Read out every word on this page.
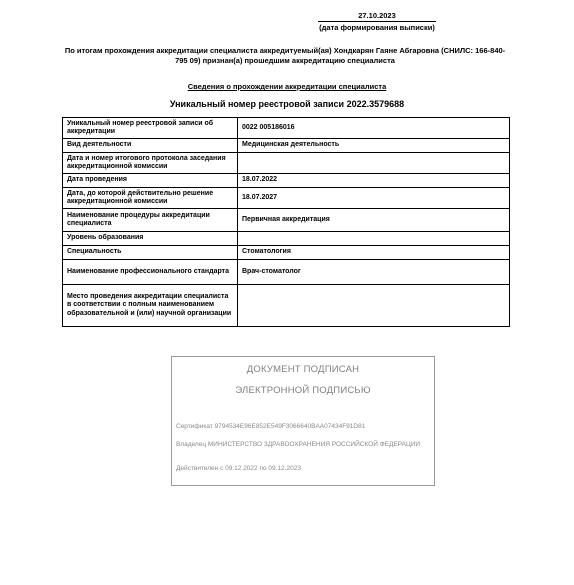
27.10.2023
(дата формирования выписки)
По итогам прохождения аккредитации специалиста аккредитуемый(ая) Хондкарян Гаяне Абгаровна (СНИЛС: 166-840-795 09) признан(а) прошедшим аккредитацию специалиста
Сведения о прохождении аккредитации специалиста
Уникальный номер реестровой записи 2022.3579688
Уникальный номер реестровой записи об аккредитации	0022 005186016
Вид деятельности	Медицинская деятельность
Дата и номер итогового протокола заседания аккредитационной комиссии	
Дата проведения	18.07.2022
Дата, до которой действительно решение аккредитационной комиссии	18.07.2027
Наименование процедуры аккредитации специалиста	Первичная аккредитация
Уровень образования	
Специальность	Стоматология
Наименование профессионального стандарта	Врач-стоматолог
Место проведения аккредитации специалиста в соответствии с полным наименованием образовательной и (или) научной организации	
ДОКУМЕНТ ПОДПИСАН
ЭЛЕКТРОННОЙ ПОДПИСЬЮ
Сертификат 9794534E96E852E549F3066640BAA07434F91D81
Владелец МИНИСТЕРСТВО ЗДРАВООХРАНЕНИЯ РОССИЙСКОЙ ФЕДЕРАЦИИ
Действителен с 09.12.2022 по 09.12.2023
